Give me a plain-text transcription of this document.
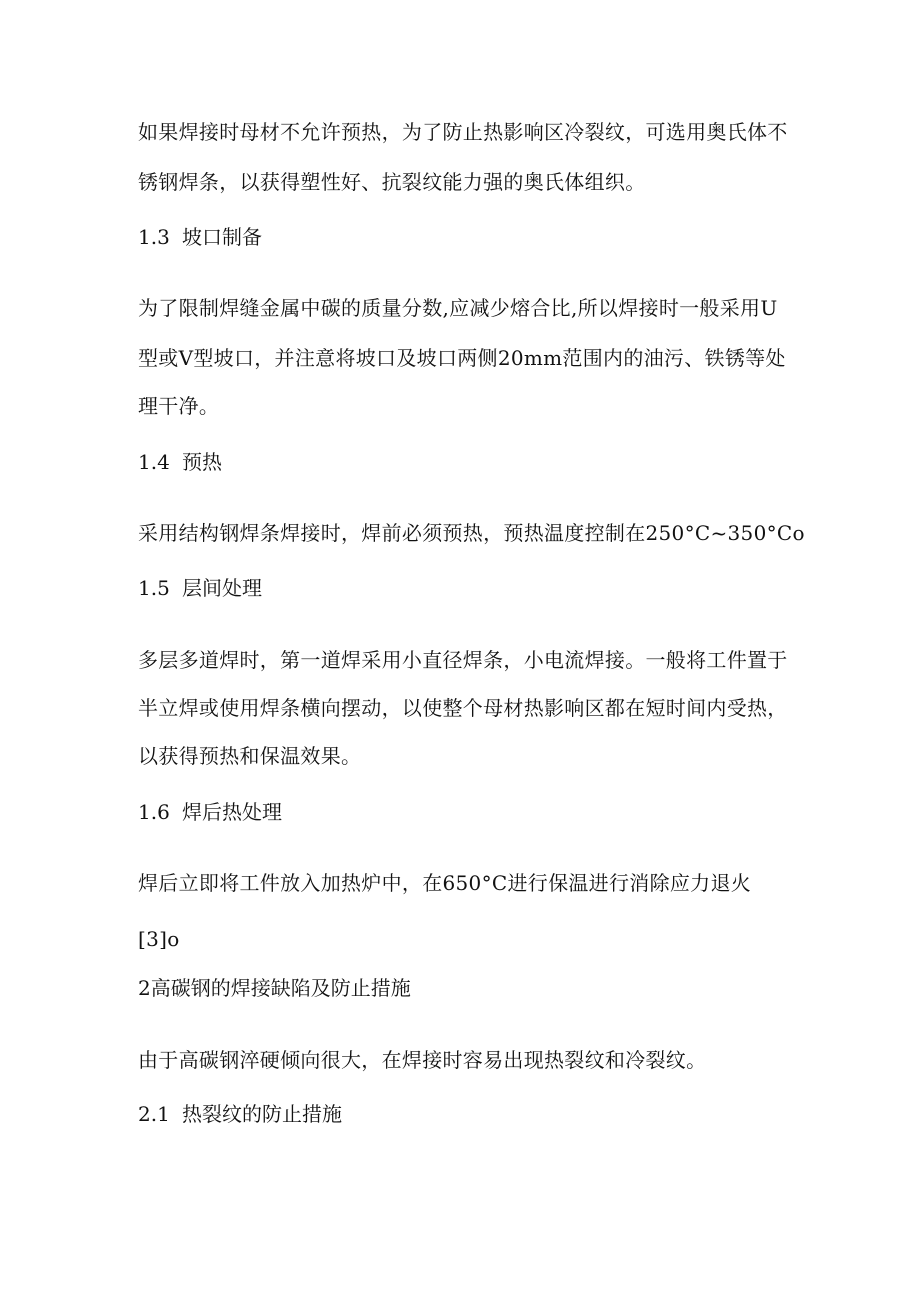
如果焊接时母材不允许预热，为了防止热影响区冷裂纹，可选用奥氏体不
锈钢焊条，以获得塑性好、抗裂纹能力强的奥氏体组织。
1.3 坡口制备
为了限制焊缝金属中碳的质量分数,应减少熔合比,所以焊接时一般采用U
型或V型坡口，并注意将坡口及坡口两侧20mm范围内的油污、铁锈等处
理干净。
1.4 预热
采用结构钢焊条焊接时，焊前必须预热，预热温度控制在250°C~350°Co
1.5 层间处理
多层多道焊时，第一道焊采用小直径焊条，小电流焊接。一般将工件置于
半立焊或使用焊条横向摆动，以使整个母材热影响区都在短时间内受热，
以获得预热和保温效果。
1.6 焊后热处理
焊后立即将工件放入加热炉中，在650°C进行保温进行消除应力退火
[3]o
2高碳钢的焊接缺陷及防止措施
由于高碳钢淬硬倾向很大，在焊接时容易出现热裂纹和冷裂纹。
2.1 热裂纹的防止措施
